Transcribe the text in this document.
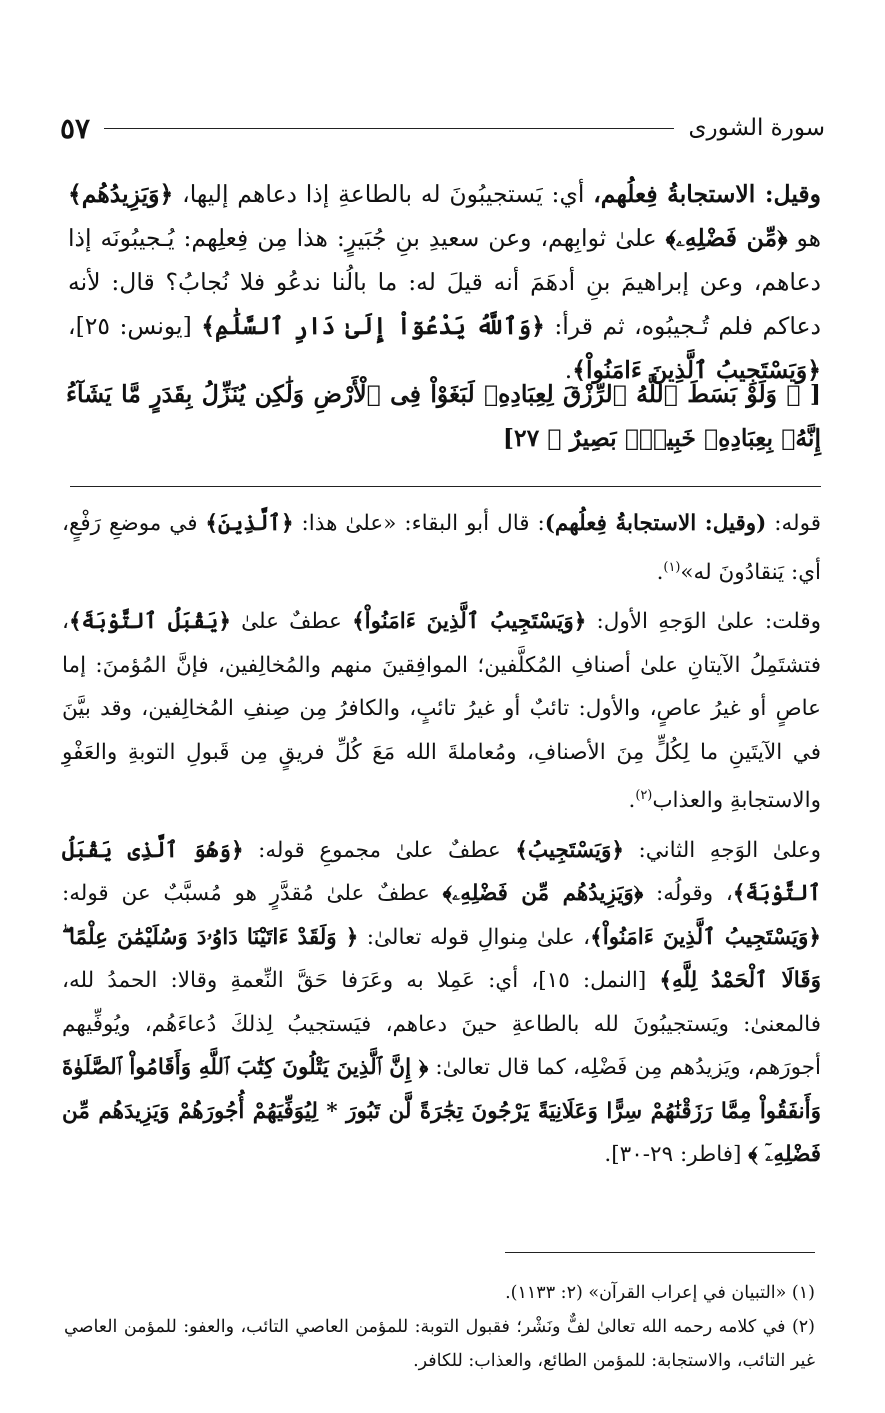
سورة الشورى
٥٧

وقيل: الاستجابةُ فِعلُهم، أي: يَستجيبُونَ له بالطاعةِ إذا دعاهم إليها، ﴿وَيَزِيدُهُم﴾ هو ﴿مِّن فَضْلِهِۦ﴾ علىٰ ثوابِهم، وعن سعيدِ بنِ جُبَيرٍ: هذا مِن فِعلِهم: يُـجيبُونَه إذا دعاهم، وعن إبراهيمَ بنِ أدهَمَ أنه قيلَ له: ما بالُنا ندعُو فلا نُجابُ؟ قال: لأنه دعاكم فلم تُـجيبُوه، ثم قرأ: ﴿وَٱللَّهُ يَدْعُوٓاْ إِلَىٰ دَارِ ٱلسَّلَٰمِ﴾ [يونس: ٢٥]، ﴿وَيَسْتَجِيبُ ٱلَّذِينَ ءَامَنُواْ﴾.

[ ﴿ وَلَوْ بَسَطَ ٱللَّهُ ٱلرِّزْقَ لِعِبَادِهِۦ لَبَغَوْاْ فِى ٱلْأَرْضِ وَلَٰكِن يُنَزِّلُ بِقَدَرٍ مَّا يَشَآءُ إِنَّهُۥ بِعِبَادِهِۦ خَبِيرٌۢ بَصِيرٌ ﴾ ٢٧]

قوله: (وقيل: الاستجابةُ فِعلُهم): قال أبو البقاء: «علىٰ هذا: ﴿ٱلَّذِينَ﴾ في موضعِ رَفْعٍ، أي: يَنقادُونَ له»$^{(١)}$.

وقلت: علىٰ الوَجهِ الأول: ﴿وَيَسْتَجِيبُ ٱلَّذِينَ ءَامَنُواْ﴾ عطفٌ علىٰ ﴿يَقْبَلُ ٱلتَّوْبَةَ﴾، فتشتَمِلُ الآيتانِ علىٰ أصنافِ المُكلَّفين؛ الموافِقينَ منهم والمُخالِفين، فإنَّ المُؤمنَ: إما عاصٍ أو غيرُ عاصٍ، والأول: تائبٌ أو غيرُ تائبٍ، والكافرُ مِن صِنفِ المُخالِفين، وقد بيَّنَ في الآيتَينِ ما لِكُلٍّ مِنَ الأصنافِ، ومُعاملةَ الله مَعَ كُلِّ فريقٍ مِن قَبولِ التوبةِ والعَفْوِ والاستجابةِ والعذاب$^{(٢)}$.

وعلىٰ الوَجهِ الثاني: ﴿وَيَسْتَجِيبُ﴾ عطفٌ علىٰ مجموعِ قوله: ﴿وَهُوَ ٱلَّذِى يَقْبَلُ ٱلتَّوْبَةَ﴾، وقولُه: ﴿وَيَزِيدُهُم مِّن فَضْلِهِۦ﴾ عطفٌ علىٰ مُقدَّرٍ هو مُسبَّبٌ عن قوله: ﴿وَيَسْتَجِيبُ ٱلَّذِينَ ءَامَنُواْ﴾، علىٰ مِنوالِ قوله تعالىٰ: ﴿ وَلَقَدْ ءَاتَيْنَا دَاوُۥدَ وَسُلَيْمَٰنَ عِلْمًا ۖ وَقَالَا ٱلْحَمْدُ لِلَّهِ﴾ [النمل: ١٥]، أي: عَمِلا به وعَرَفا حَقَّ النِّعمةِ وقالا: الحمدُ لله، فالمعنىٰ: ويَستجيبُونَ لله بالطاعةِ حينَ دعاهم، فيَستجيبُ لِذلكَ دُعاءَهُم، ويُوفِّيهم أجورَهم، ويَزيدُهم مِن فَضْلِه، كما قال تعالىٰ: ﴿ إِنَّ ٱلَّذِينَ يَتْلُونَ كِتَٰبَ ٱللَّهِ وَأَقَامُواْ ٱلصَّلَوٰةَ وَأَنفَقُواْ مِمَّا رَزَقْنَٰهُمْ سِرًّا وَعَلَانِيَةً يَرْجُونَ تِجَٰرَةً لَّن تَبُورَ * لِيُوَفِّيَهُمْ أُجُورَهُمْ وَيَزِيدَهُم مِّن فَضْلِهِۦٓ ﴾ [فاطر: ٢٩-٣٠].

(١) «التبيان في إعراب القرآن» (٢: ١١٣٣).

(٢) في كلامه رحمه الله تعالىٰ لفٌّ ونَشْر؛ فقبول التوبة: للمؤمن العاصي التائب، والعفو: للمؤمن العاصي غير التائب، والاستجابة: للمؤمن الطائع، والعذاب: للكافر.
